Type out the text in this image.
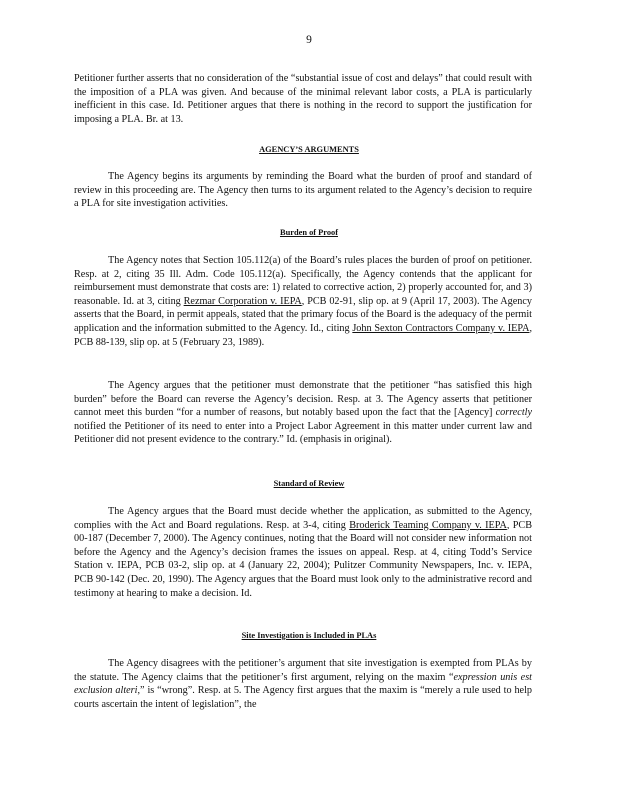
9
Petitioner further asserts that no consideration of the “substantial issue of cost and delays” that could result with the imposition of a PLA was given. And because of the minimal relevant labor costs, a PLA is particularly inefficient in this case. Id. Petitioner argues that there is nothing in the record to support the justification for imposing a PLA. Br. at 13.
AGENCY’S ARGUMENTS
The Agency begins its arguments by reminding the Board what the burden of proof and standard of review in this proceeding are. The Agency then turns to its argument related to the Agency’s decision to require a PLA for site investigation activities.
Burden of Proof
The Agency notes that Section 105.112(a) of the Board’s rules places the burden of proof on petitioner. Resp. at 2, citing 35 Ill. Adm. Code 105.112(a). Specifically, the Agency contends that the applicant for reimbursement must demonstrate that costs are: 1) related to corrective action, 2) properly accounted for, and 3) reasonable. Id. at 3, citing Rezmar Corporation v. IEPA, PCB 02-91, slip op. at 9 (April 17, 2003). The Agency asserts that the Board, in permit appeals, stated that the primary focus of the Board is the adequacy of the permit application and the information submitted to the Agency. Id., citing John Sexton Contractors Company v. IEPA, PCB 88-139, slip op. at 5 (February 23, 1989).
The Agency argues that the petitioner must demonstrate that the petitioner “has satisfied this high burden” before the Board can reverse the Agency’s decision. Resp. at 3. The Agency asserts that petitioner cannot meet this burden “for a number of reasons, but notably based upon the fact that the [Agency] correctly notified the Petitioner of its need to enter into a Project Labor Agreement in this matter under current law and Petitioner did not present evidence to the contrary.” Id. (emphasis in original).
Standard of Review
The Agency argues that the Board must decide whether the application, as submitted to the Agency, complies with the Act and Board regulations. Resp. at 3-4, citing Broderick Teaming Company v. IEPA, PCB 00-187 (December 7, 2000). The Agency continues, noting that the Board will not consider new information not before the Agency and the Agency’s decision frames the issues on appeal. Resp. at 4, citing Todd’s Service Station v. IEPA, PCB 03-2, slip op. at 4 (January 22, 2004); Pulitzer Community Newspapers, Inc. v. IEPA, PCB 90-142 (Dec. 20, 1990). The Agency argues that the Board must look only to the administrative record and testimony at hearing to make a decision. Id.
Site Investigation is Included in PLAs
The Agency disagrees with the petitioner’s argument that site investigation is exempted from PLAs by the statute. The Agency claims that the petitioner’s first argument, relying on the maxim “expression unis est exclusion alteri,” is “wrong”. Resp. at 5. The Agency first argues that the maxim is “merely a rule used to help courts ascertain the intent of legislation”, the
